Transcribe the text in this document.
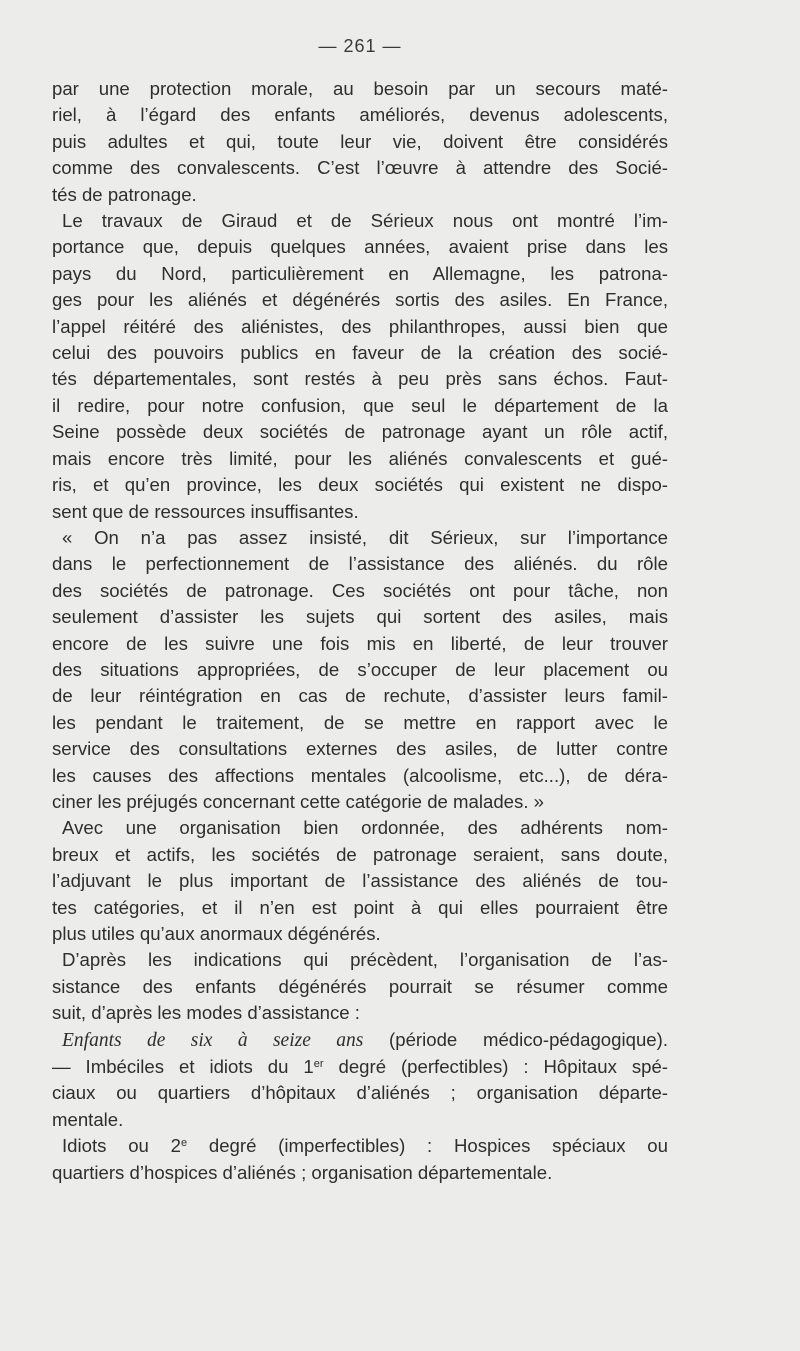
— 261 —

par une protection morale, au besoin par un secours maté-
riel, à l’égard des enfants améliorés, devenus adolescents,
puis adultes et qui, toute leur vie, doivent être considérés
comme des convalescents. C’est l’œuvre à attendre des Socié-
tés de patronage.

Le travaux de Giraud et de Sérieux nous ont montré l’im-
portance que, depuis quelques années, avaient prise dans les
pays du Nord, particulièrement en Allemagne, les patrona-
ges pour les aliénés et dégénérés sortis des asiles. En France,
l’appel réitéré des aliénistes, des philanthropes, aussi bien que
celui des pouvoirs publics en faveur de la création des socié-
tés départementales, sont restés à peu près sans échos. Faut-
il redire, pour notre confusion, que seul le département de la
Seine possède deux sociétés de patronage ayant un rôle actif,
mais encore très limité, pour les aliénés convalescents et gué-
ris, et qu’en province, les deux sociétés qui existent ne dispo-
sent que de ressources insuffisantes.

« On n’a pas assez insisté, dit Sérieux, sur l’importance
dans le perfectionnement de l’assistance des aliénés. du rôle
des sociétés de patronage. Ces sociétés ont pour tâche, non
seulement d’assister les sujets qui sortent des asiles, mais
encore de les suivre une fois mis en liberté, de leur trouver
des situations appropriées, de s’occuper de leur placement ou
de leur réintégration en cas de rechute, d’assister leurs famil-
les pendant le traitement, de se mettre en rapport avec le
service des consultations externes des asiles, de lutter contre
les causes des affections mentales (alcoolisme, etc...), de déra-
ciner les préjugés concernant cette catégorie de malades. »

Avec une organisation bien ordonnée, des adhérents nom-
breux et actifs, les sociétés de patronage seraient, sans doute,
l’adjuvant le plus important de l’assistance des aliénés de tou-
tes catégories, et il n’en est point à qui elles pourraient être
plus utiles qu’aux anormaux dégénérés.

D’après les indications qui précèdent, l’organisation de l’as-
sistance des enfants dégénérés pourrait se résumer comme
suit, d’après les modes d’assistance :

Enfants de six à seize ans (période médico-pédagogique).
— Imbéciles et idiots du 1er degré (perfectibles) : Hôpitaux spé-
ciaux ou quartiers d’hôpitaux d’aliénés ; organisation départe-
mentale.
Idiots ou 2e degré (imperfectibles) : Hospices spéciaux ou
quartiers d’hospices d’aliénés ; organisation départementale.
